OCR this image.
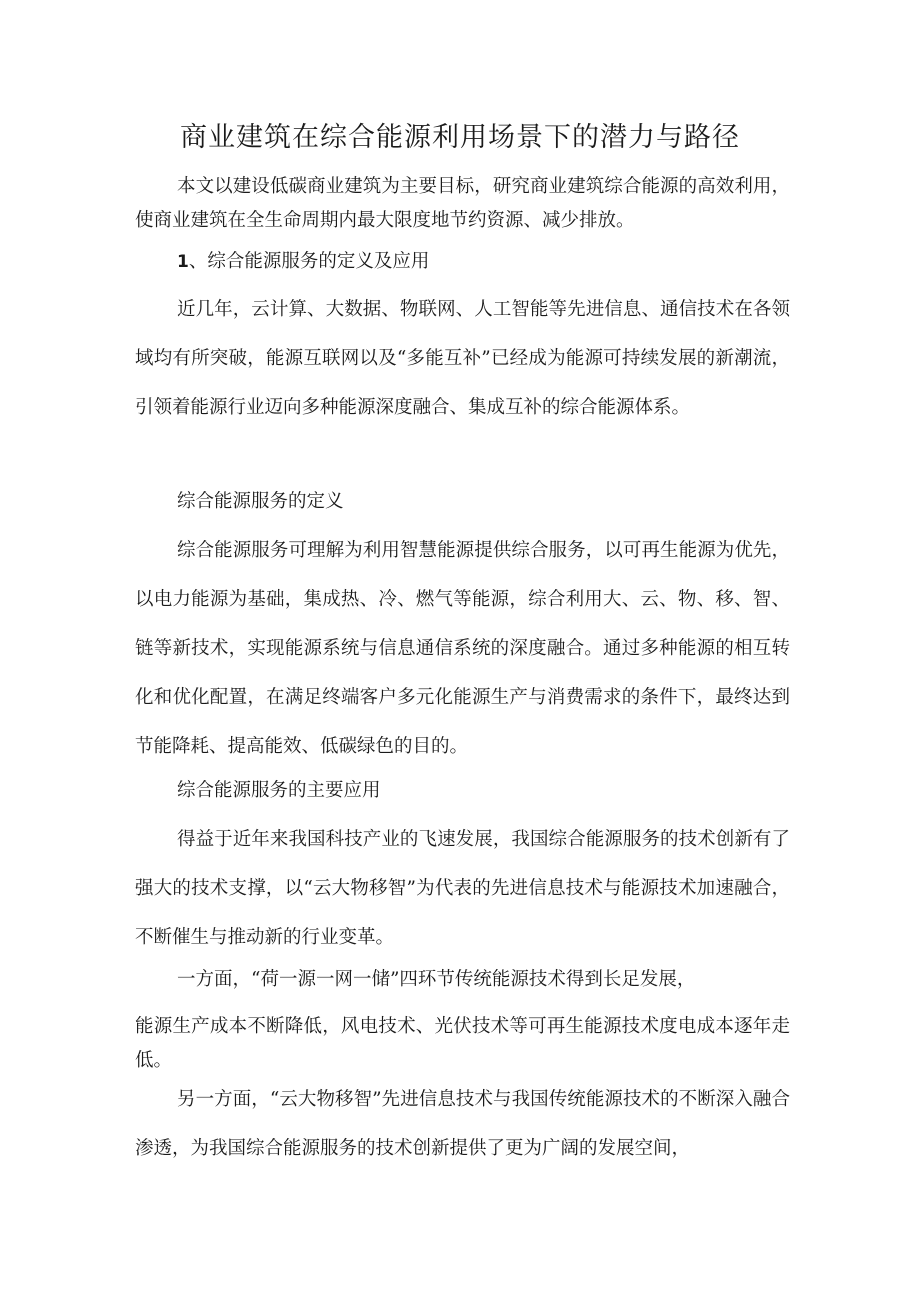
商业建筑在综合能源利用场景下的潜力与路径

本文以建设低碳商业建筑为主要目标，研究商业建筑综合能源的高效利用，使商业建筑在全生命周期内最大限度地节约资源、减少排放。

1、综合能源服务的定义及应用

近几年，云计算、大数据、物联网、人工智能等先进信息、通信技术在各领域均有所突破，能源互联网以及“多能互补”已经成为能源可持续发展的新潮流，引领着能源行业迈向多种能源深度融合、集成互补的综合能源体系。

综合能源服务的定义

综合能源服务可理解为利用智慧能源提供综合服务，以可再生能源为优先，以电力能源为基础，集成热、冷、燃气等能源，综合利用大、云、物、移、智、链等新技术，实现能源系统与信息通信系统的深度融合。通过多种能源的相互转化和优化配置，在满足终端客户多元化能源生产与消费需求的条件下，最终达到节能降耗、提高能效、低碳绿色的目的。

综合能源服务的主要应用

得益于近年来我国科技产业的飞速发展，我国综合能源服务的技术创新有了强大的技术支撑，以“云大物移智”为代表的先进信息技术与能源技术加速融合，不断催生与推动新的行业变革。

一方面，“荷一源一网一储”四环节传统能源技术得到长足发展，

能源生产成本不断降低，风电技术、光伏技术等可再生能源技术度电成本逐年走低。

另一方面，“云大物移智”先进信息技术与我国传统能源技术的不断深入融合渗透，为我国综合能源服务的技术创新提供了更为广阔的发展空间，
